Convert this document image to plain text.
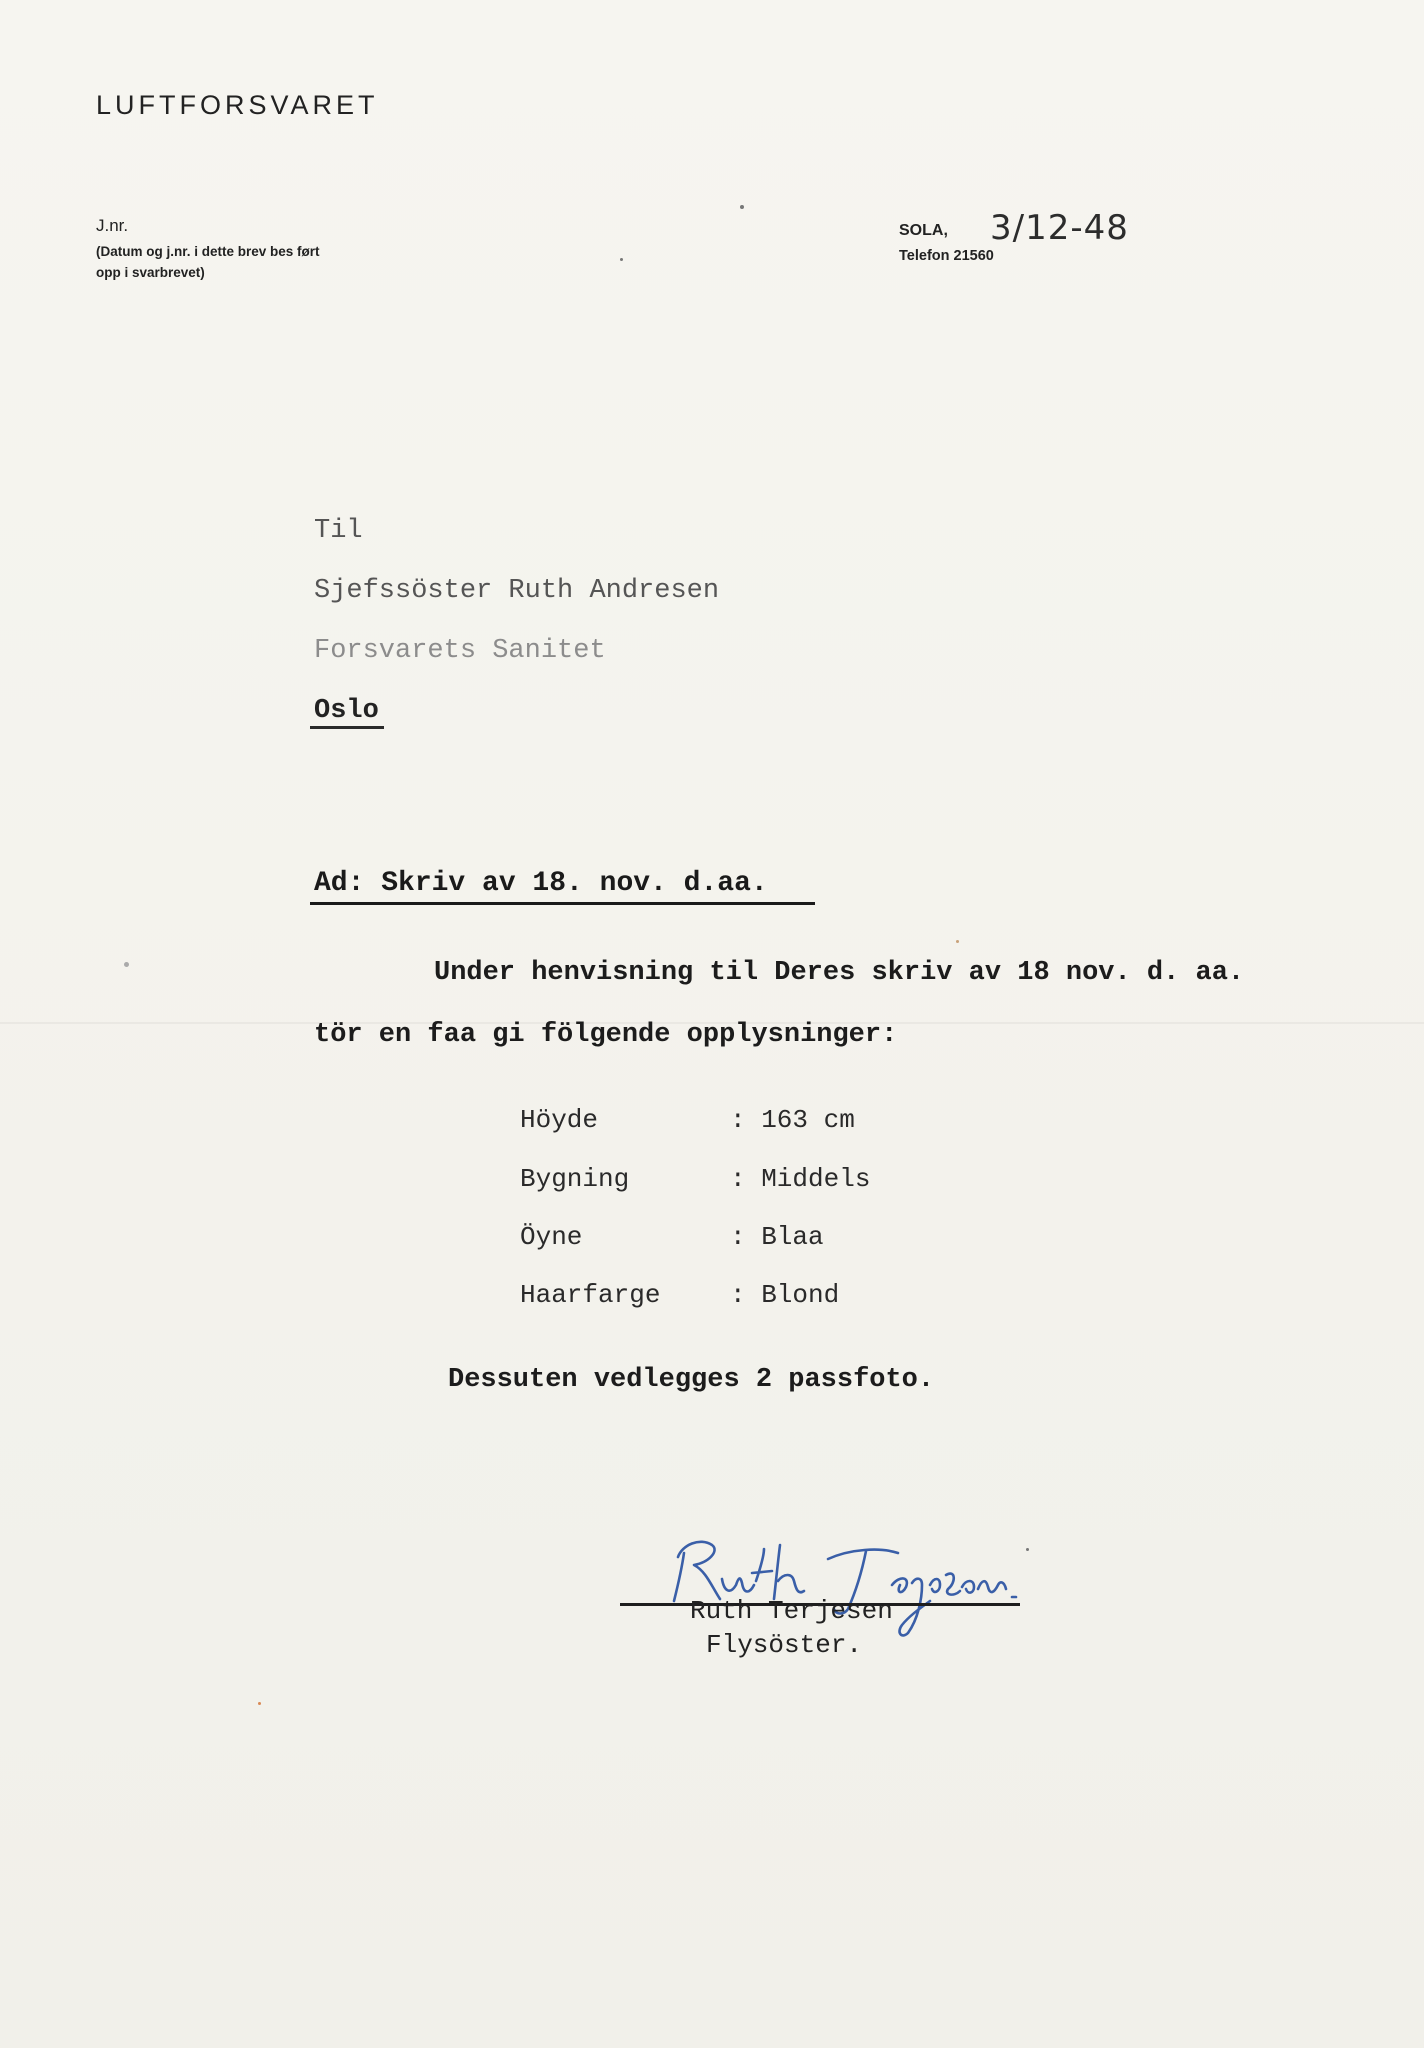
LUFTFORSVARET
J.nr.
(Datum og j.nr. i dette brev bes ført
opp i svarbrevet)
SOLA, 3/12-48
Telefon 21560
Til
Sjefssöster Ruth Andresen
Forsvarets Sanitet
Oslo
Ad: Skriv av 18. nov. d.aa.
Under henvisning til Deres skriv av 18 nov. d. aa.
tör en faa gi fölgende opplysninger:
Höyde	: 163 cm
Bygning	: Middels
Öyne	: Blaa
Haarfarge	: Blond
Dessuten vedlegges 2 passfoto.
Ruth Terjesen
Ruth Terjesen
Flysöster.
